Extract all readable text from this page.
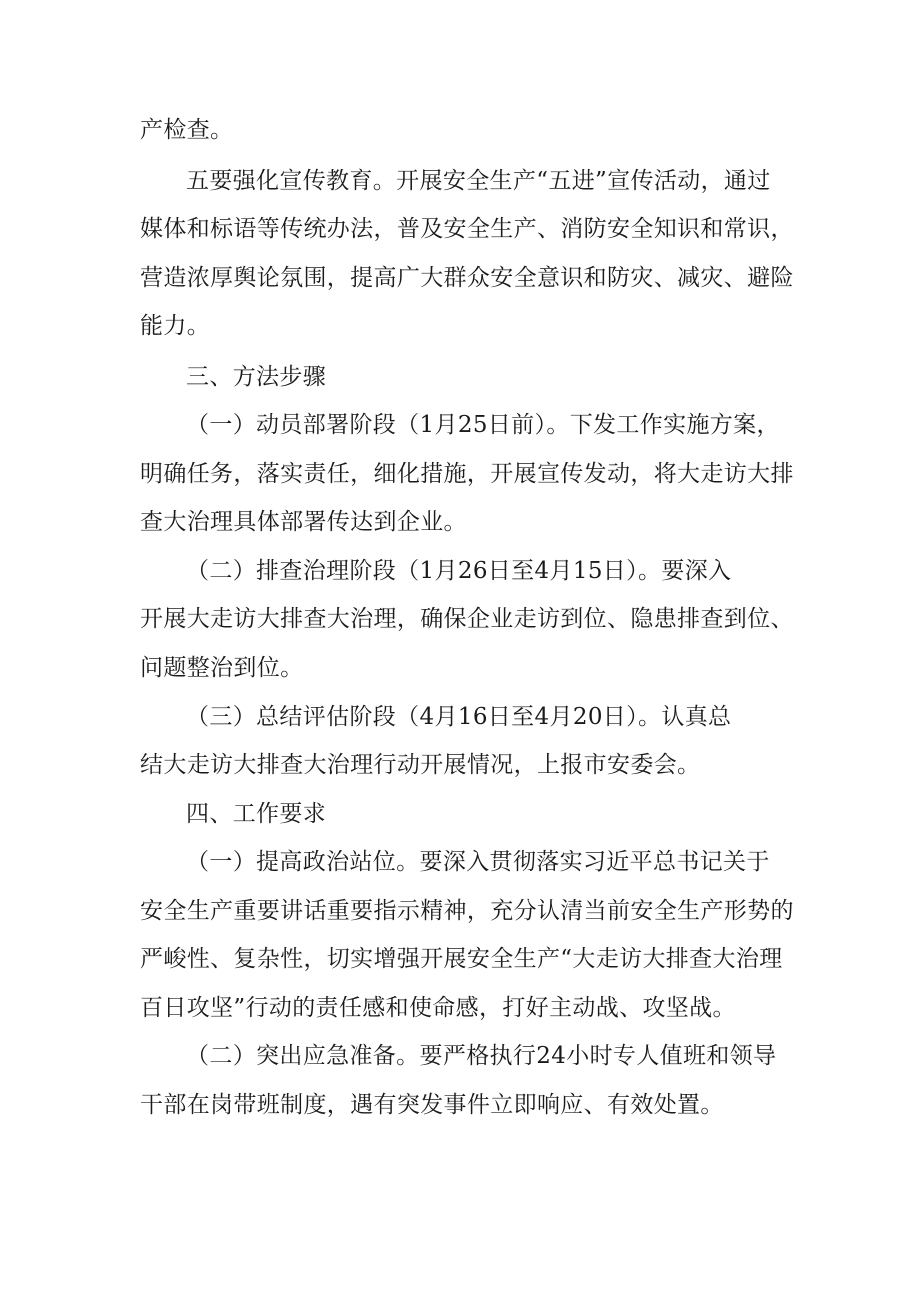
产检查。
五要强化宣传教育。开展安全生产“五进”宣传活动，通过
媒体和标语等传统办法，普及安全生产、消防安全知识和常识，
营造浓厚舆论氛围，提高广大群众安全意识和防灾、减灾、避险
能力。
三、方法步骤
（一）动员部署阶段（1月25日前）。下发工作实施方案，
明确任务，落实责任，细化措施，开展宣传发动，将大走访大排
查大治理具体部署传达到企业。
（二）排查治理阶段（1月26日至4月15日）。要深入
开展大走访大排查大治理，确保企业走访到位、隐患排查到位、
问题整治到位。
（三）总结评估阶段（4月16日至4月20日）。认真总
结大走访大排查大治理行动开展情况，上报市安委会。
四、工作要求
（一）提高政治站位。要深入贯彻落实习近平总书记关于
安全生产重要讲话重要指示精神，充分认清当前安全生产形势的
严峻性、复杂性，切实增强开展安全生产“大走访大排查大治理
百日攻坚”行动的责任感和使命感，打好主动战、攻坚战。
（二）突出应急准备。要严格执行24小时专人值班和领导
干部在岗带班制度，遇有突发事件立即响应、有效处置。
